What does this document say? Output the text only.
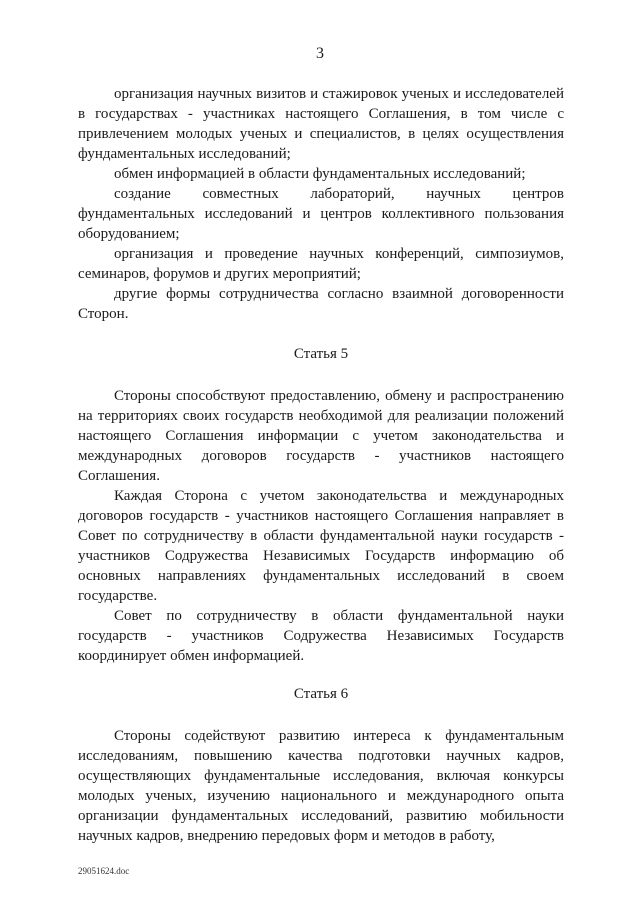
3

организация научных визитов и стажировок ученых и исследователей в государствах - участниках настоящего Соглашения, в том числе с привлечением молодых ученых и специалистов, в целях осуществления фундаментальных исследований;

обмен информацией в области фундаментальных исследований;

создание совместных лабораторий, научных центров фундаментальных исследований и центров коллективного пользования оборудованием;

организация и проведение научных конференций, симпозиумов, семинаров, форумов и других мероприятий;

другие формы сотрудничества согласно взаимной договоренности Сторон.

Статья 5

Стороны способствуют предоставлению, обмену и распространению на территориях своих государств необходимой для реализации положений настоящего Соглашения информации с учетом законодательства и международных договоров государств - участников настоящего Соглашения.

Каждая Сторона с учетом законодательства и международных договоров государств - участников настоящего Соглашения направляет в Совет по сотрудничеству в области фундаментальной науки государств - участников Содружества Независимых Государств информацию об основных направлениях фундаментальных исследований в своем государстве.

Совет по сотрудничеству в области фундаментальной науки государств - участников Содружества Независимых Государств координирует обмен информацией.

Статья 6

Стороны содействуют развитию интереса к фундаментальным исследованиям, повышению качества подготовки научных кадров, осуществляющих фундаментальные исследования, включая конкурсы молодых ученых, изучению национального и международного опыта организации фундаментальных исследований, развитию мобильности научных кадров, внедрению передовых форм и методов в работу,

29051624.doc
